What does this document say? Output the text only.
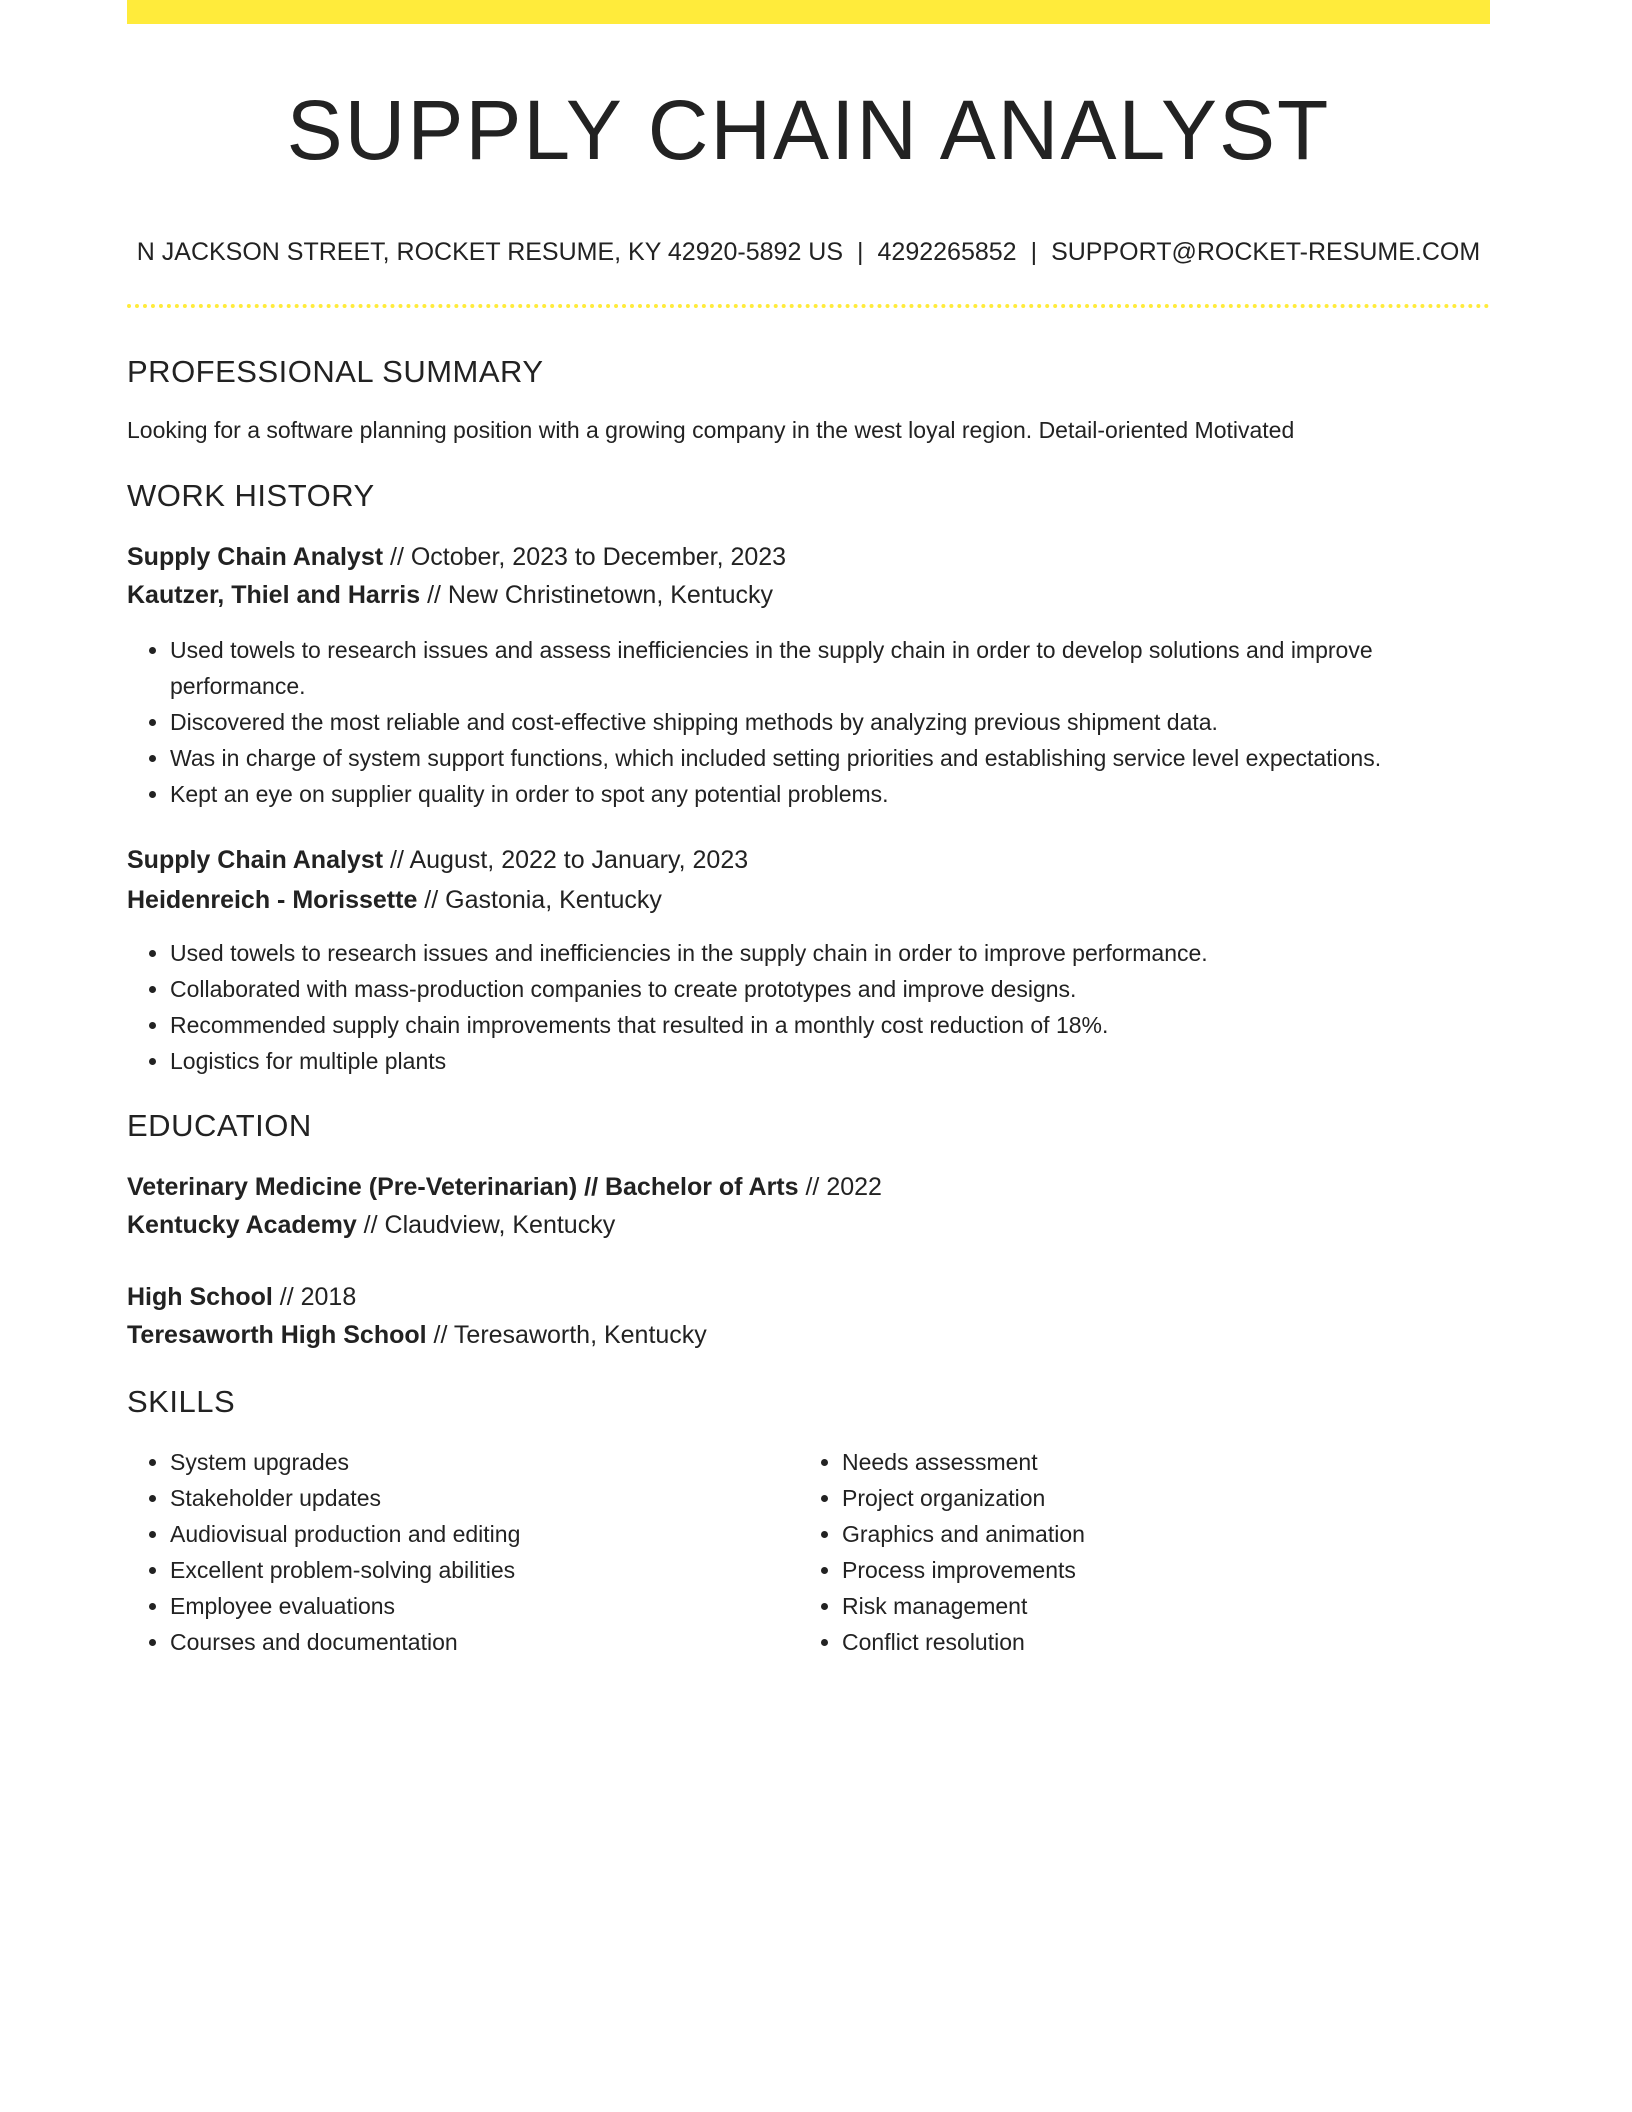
SUPPLY CHAIN ANALYST
N JACKSON STREET, ROCKET RESUME, KY 42920-5892 US | 4292265852 | SUPPORT@ROCKET-RESUME.COM
PROFESSIONAL SUMMARY
Looking for a software planning position with a growing company in the west loyal region. Detail-oriented Motivated
WORK HISTORY
Supply Chain Analyst // October, 2023 to December, 2023
Kautzer, Thiel and Harris // New Christinetown, Kentucky
• Used towels to research issues and assess inefficiencies in the supply chain in order to develop solutions and improve performance.
• Discovered the most reliable and cost-effective shipping methods by analyzing previous shipment data.
• Was in charge of system support functions, which included setting priorities and establishing service level expectations.
• Kept an eye on supplier quality in order to spot any potential problems.
Supply Chain Analyst // August, 2022 to January, 2023
Heidenreich - Morissette // Gastonia, Kentucky
• Used towels to research issues and inefficiencies in the supply chain in order to improve performance.
• Collaborated with mass-production companies to create prototypes and improve designs.
• Recommended supply chain improvements that resulted in a monthly cost reduction of 18%.
• Logistics for multiple plants
EDUCATION
Veterinary Medicine (Pre-Veterinarian) // Bachelor of Arts // 2022
Kentucky Academy // Claudview, Kentucky
High School // 2018
Teresaworth High School // Teresaworth, Kentucky
SKILLS
• System upgrades
• Stakeholder updates
• Audiovisual production and editing
• Excellent problem-solving abilities
• Employee evaluations
• Courses and documentation
• Needs assessment
• Project organization
• Graphics and animation
• Process improvements
• Risk management
• Conflict resolution
